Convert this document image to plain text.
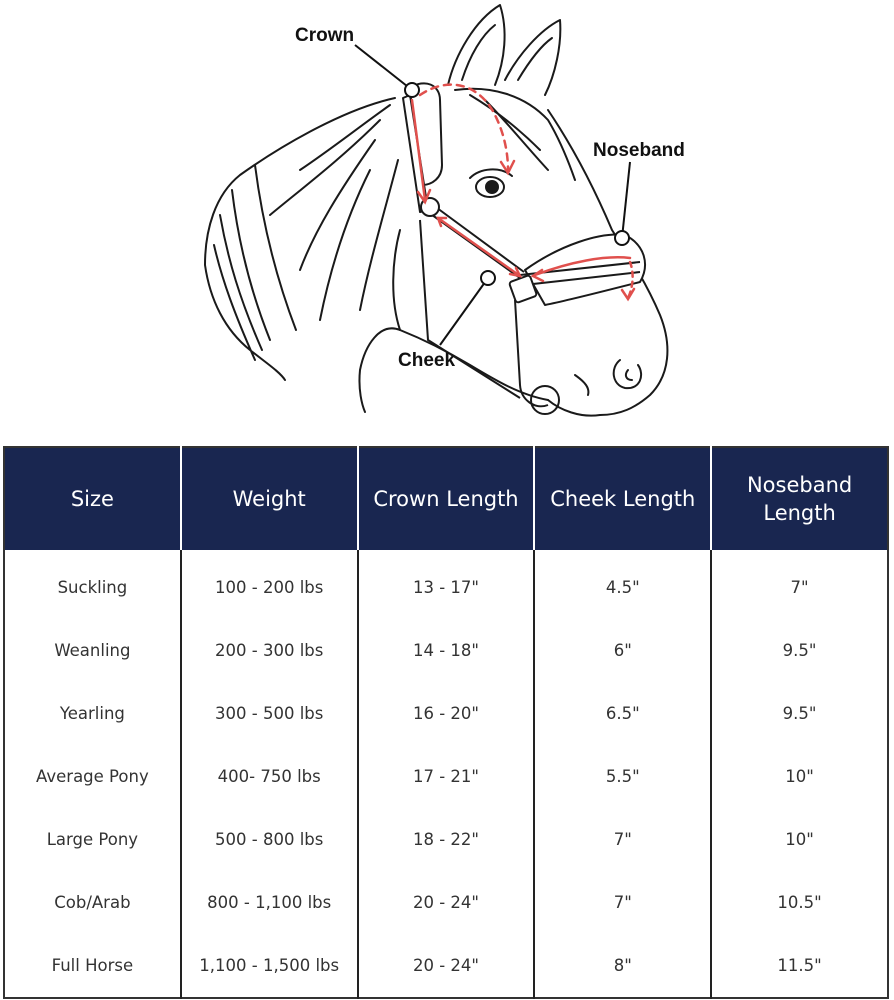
Crown
Noseband
Cheek
Size	Weight	Crown Length	Cheek Length	Noseband Length
Suckling	100 - 200 lbs	13 - 17"	4.5"	7"
Weanling	200 - 300 lbs	14 - 18"	6"	9.5"
Yearling	300 - 500 lbs	16 - 20"	6.5"	9.5"
Average Pony	400- 750 lbs	17 - 21"	5.5"	10"
Large Pony	500 - 800 lbs	18 - 22"	7"	10"
Cob/Arab	800 - 1,100 lbs	20 - 24"	7"	10.5"
Full Horse	1,100 - 1,500 lbs	20 - 24"	8"	11.5"
